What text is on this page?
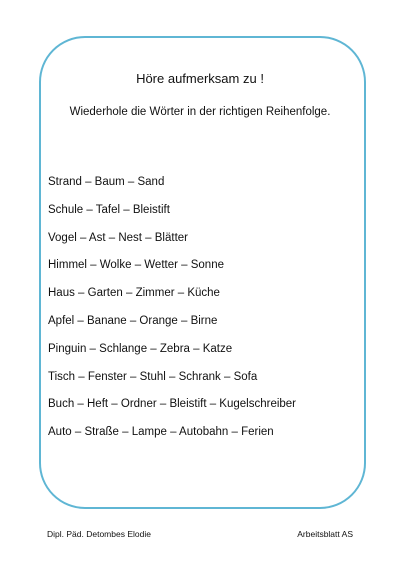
Höre aufmerksam zu !
Wiederhole die Wörter in der richtigen Reihenfolge.
Strand – Baum – Sand
Schule – Tafel – Bleistift
Vogel – Ast – Nest – Blätter
Himmel – Wolke – Wetter – Sonne
Haus – Garten – Zimmer – Küche
Apfel – Banane – Orange – Birne
Pinguin – Schlange – Zebra – Katze
Tisch – Fenster – Stuhl – Schrank – Sofa
Buch – Heft – Ordner – Bleistift – Kugelschreiber
Auto – Straße – Lampe – Autobahn – Ferien
Dipl. Päd. Detombes Elodie	Arbeitsblatt AS
